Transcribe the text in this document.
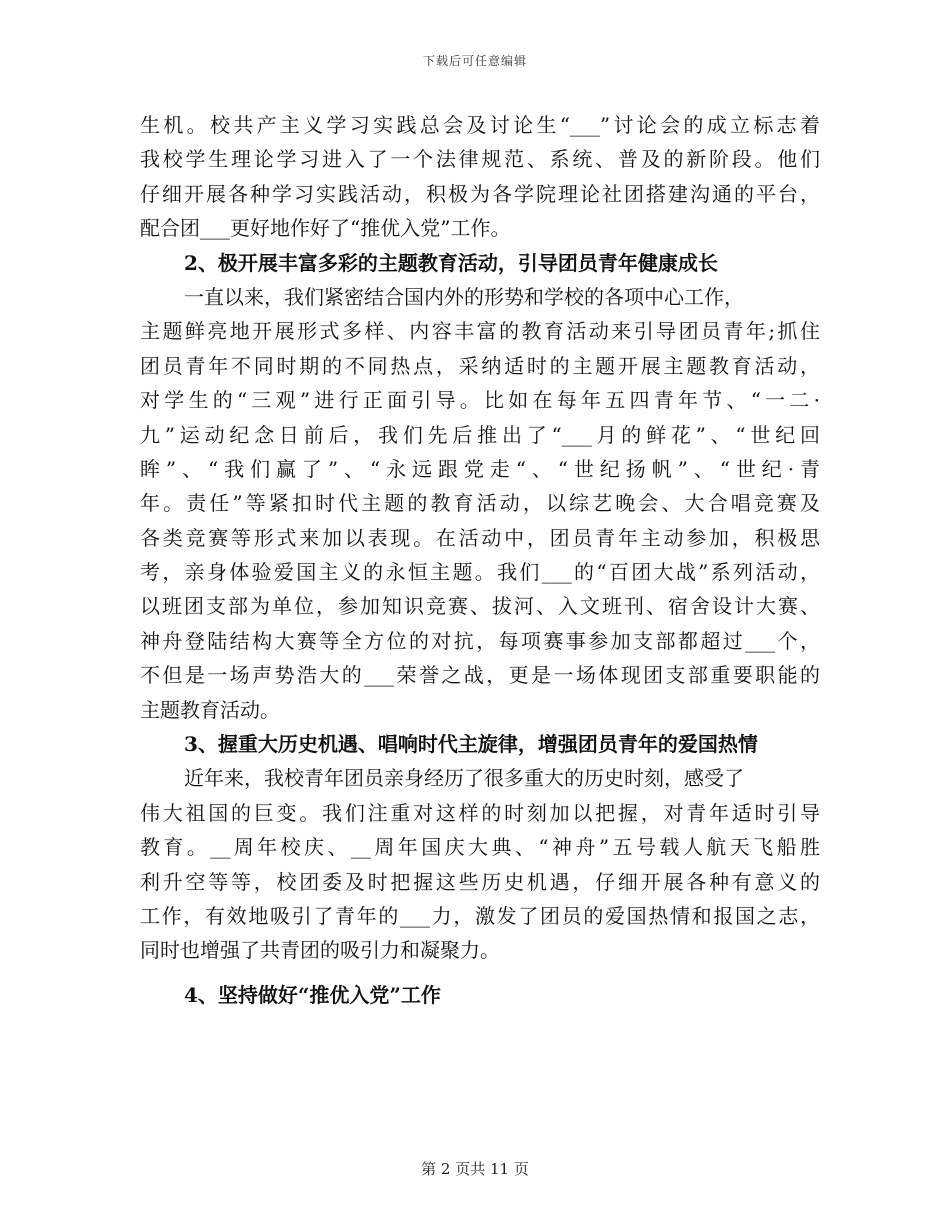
下载后可任意编辑
生机。校共产主义学习实践总会及讨论生“___”讨论会的成立标志着
我校学生理论学习进入了一个法律规范、系统、普及的新阶段。他们
仔细开展各种学习实践活动，积极为各学院理论社团搭建沟通的平台，
配合团___更好地作好了“推优入党”工作。
2、极开展丰富多彩的主题教育活动，引导团员青年健康成长
一直以来，我们紧密结合国内外的形势和学校的各项中心工作，
主题鲜亮地开展形式多样、内容丰富的教育活动来引导团员青年;抓住
团员青年不同时期的不同热点，采纳适时的主题开展主题教育活动，
对学生的“三观”进行正面引导。比如在每年五四青年节、“一二·
九”运动纪念日前后，我们先后推出了“___月的鲜花”、“世纪回
眸”、“我们赢了”、“永远跟党走“、“世纪扬帆”、“世纪·青
年。责任”等紧扣时代主题的教育活动，以综艺晚会、大合唱竞赛及
各类竞赛等形式来加以表现。在活动中，团员青年主动参加，积极思
考，亲身体验爱国主义的永恒主题。我们___的“百团大战”系列活动，
以班团支部为单位，参加知识竞赛、拔河、入文班刊、宿舍设计大赛、
神舟登陆结构大赛等全方位的对抗，每项赛事参加支部都超过___个，
不但是一场声势浩大的___荣誉之战，更是一场体现团支部重要职能的
主题教育活动。
3、握重大历史机遇、唱响时代主旋律，增强团员青年的爱国热情
近年来，我校青年团员亲身经历了很多重大的历史时刻，感受了
伟大祖国的巨变。我们注重对这样的时刻加以把握，对青年适时引导
教育。__周年校庆、__周年国庆大典、“神舟”五号载人航天飞船胜
利升空等等，校团委及时把握这些历史机遇，仔细开展各种有意义的
工作，有效地吸引了青年的___力，激发了团员的爱国热情和报国之志，
同时也增强了共青团的吸引力和凝聚力。
4、坚持做好“推优入党”工作
第 2 页共 11 页
